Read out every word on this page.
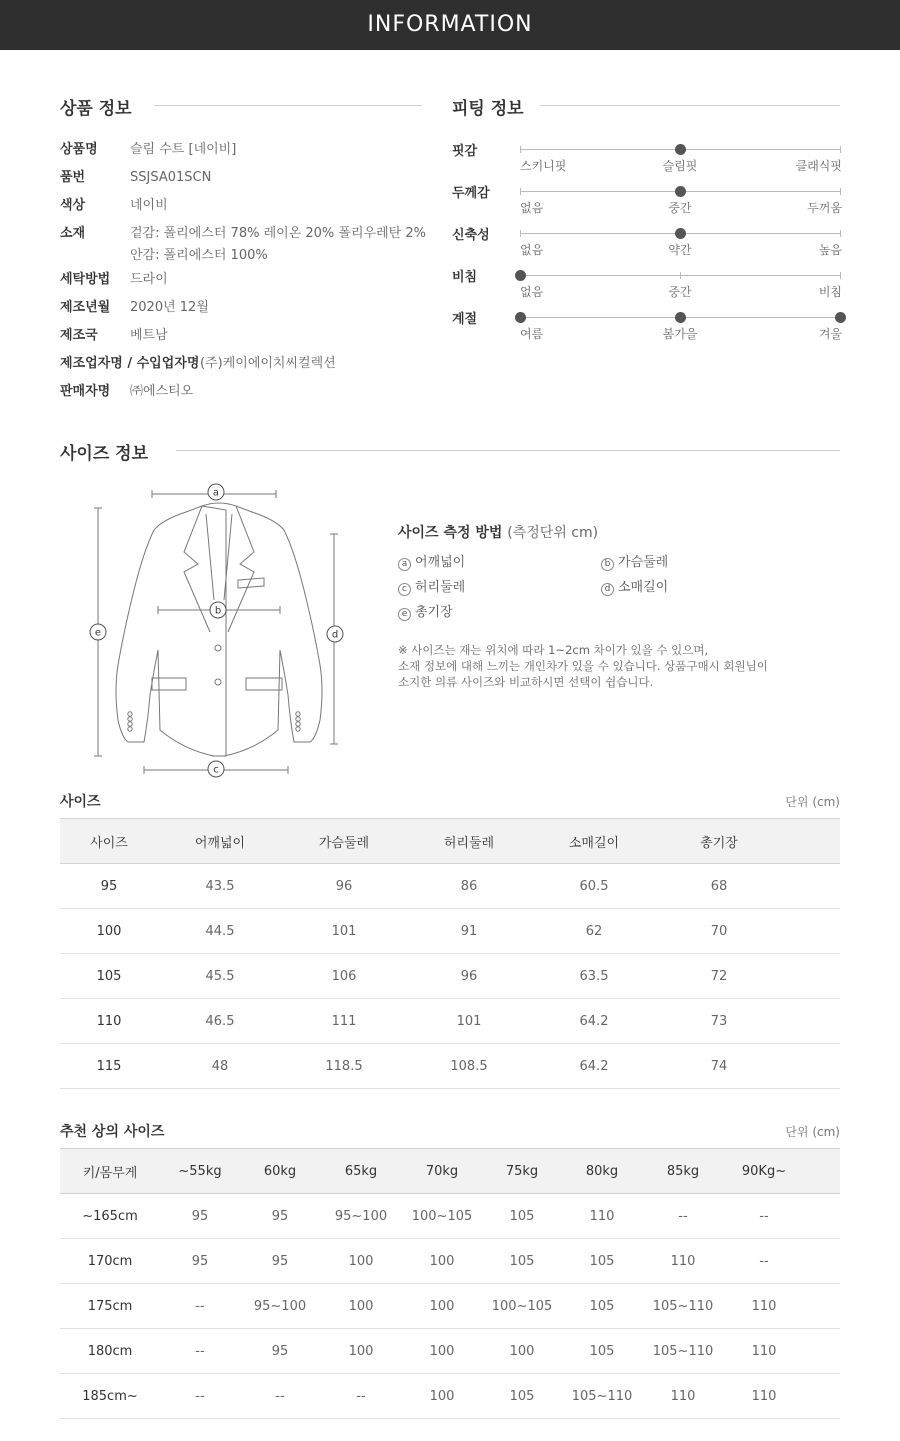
INFORMATION
상품 정보
상품명 슬림 수트 [네이비]
품번	SSJSA01SCN
색상	네이비
소재	겉감: 폴리에스터 78% 레이온 20% 폴리우레탄 2%
안감: 폴리에스터 100%
세탁방법 드라이
제조년월 2020년 12월
제조국 베트남
제조업자명 / 수입업자명 (주)케이에이치씨컬렉션
판매자명 ㈜에스티오
피팅 정보
핏감
스키니핏	슬림핏	클래식핏
두께감
없음	중간	두꺼움
신축성
없음	약간	높음
비침
없음	중간	비침
계절
여름	봄가을	겨울
사이즈 정보
a
b
c
d
e
사이즈 측정 방법 (측정단위 cm)
a 어깨넓이	b 가슴둘레
c 허리둘레	d 소매길이
e 총기장
※ 사이즈는 재는 위치에 따라 1~2cm 차이가 있을 수 있으며,
소재 정보에 대해 느끼는 개인차가 있을 수 있습니다. 상품구매시 회원님이
소지한 의류 사이즈와 비교하시면 선택이 쉽습니다.
사이즈	단위 (cm)
사이즈	어깨넓이	가슴둘레	허리둘레	소매길이	총기장	
95	43.5	96	86	60.5	68	
100	44.5	101	91	62	70	
105	45.5	106	96	63.5	72	
110	46.5	111	101	64.2	73	
115	48	118.5	108.5	64.2	74	
추천 상의 사이즈	단위 (cm)
키/몸무게	~55kg	60kg	65kg	70kg	75kg	80kg	85kg	90Kg~	
~165cm	95	95	95~100	100~105	105	110	--	--	
170cm	95	95	100	100	105	105	110	--	
175cm	--	95~100	100	100	100~105	105	105~110	110	
180cm	--	95	100	100	100	105	105~110	110	
185cm~	--	--	--	100	105	105~110	110	110	
